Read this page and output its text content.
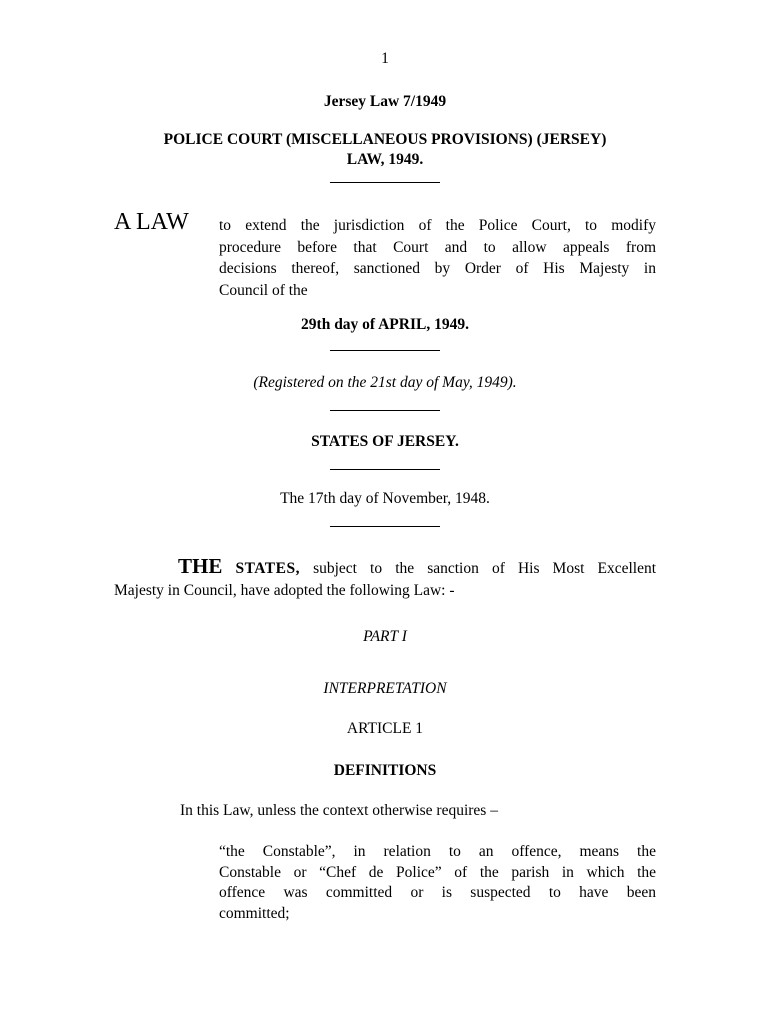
1
Jersey Law 7/1949
POLICE COURT (MISCELLANEOUS PROVISIONS) (JERSEY)
LAW, 1949.
A LAW to extend the jurisdiction of the Police Court, to modify
procedure before that Court and to allow appeals from
decisions thereof, sanctioned by Order of His Majesty in
Council of the
29th day of APRIL, 1949.
(Registered on the 21st day of May, 1949).
STATES OF JERSEY.
The 17th day of November, 1948.
THE STATES, subject to the sanction of His Most Excellent
Majesty in Council, have adopted the following Law: -
PART I
INTERPRETATION
ARTICLE 1
DEFINITIONS
In this Law, unless the context otherwise requires –
“the Constable”, in relation to an offence, means the
Constable or “Chef de Police” of the parish in which the
offence was committed or is suspected to have been
committed;
